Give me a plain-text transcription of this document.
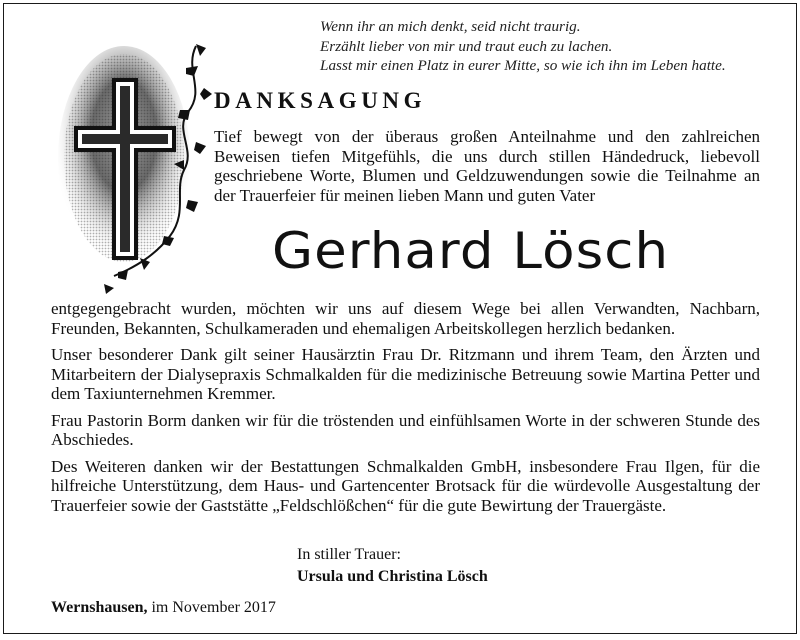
Wenn ihr an mich denkt, seid nicht traurig.
Erzählt lieber von mir und traut euch zu lachen.
Lasst mir einen Platz in eurer Mitte, so wie ich ihn im Leben hatte.
DANKSAGUNG
Tief bewegt von der überaus großen Anteilnahme und den zahlreichen Beweisen tiefen Mitgefühls, die uns durch stillen Händedruck, liebevoll geschriebene Worte, Blumen und Geldzuwendungen sowie die Teilnahme an der Trauerfeier für meinen lieben Mann und guten Vater
Gerhard Lösch

entgegengebracht wurden, möchten wir uns auf diesem Wege bei allen Verwandten, Nachbarn, Freunden, Bekannten, Schulkameraden und ehemaligen Arbeitskollegen herzlich bedanken.

Unser besonderer Dank gilt seiner Hausärztin Frau Dr. Ritzmann und ihrem Team, den Ärzten und Mitarbeitern der Dialysepraxis Schmalkalden für die medizinische Betreuung sowie Martina Petter und dem Taxiunternehmen Kremmer.

Frau Pastorin Borm danken wir für die tröstenden und einfühlsamen Worte in der schweren Stunde des Abschiedes.

Des Weiteren danken wir der Bestattungen Schmalkalden GmbH, insbesondere Frau Ilgen, für die hilfreiche Unterstützung, dem Haus- und Gartencenter Brotsack für die würdevolle Ausgestaltung der Trauerfeier sowie der Gaststätte „Feldschlößchen“ für die gute Bewirtung der Trauergäste.

In stiller Trauer:
Ursula und Christina Lösch
Wernshausen, im November 2017
